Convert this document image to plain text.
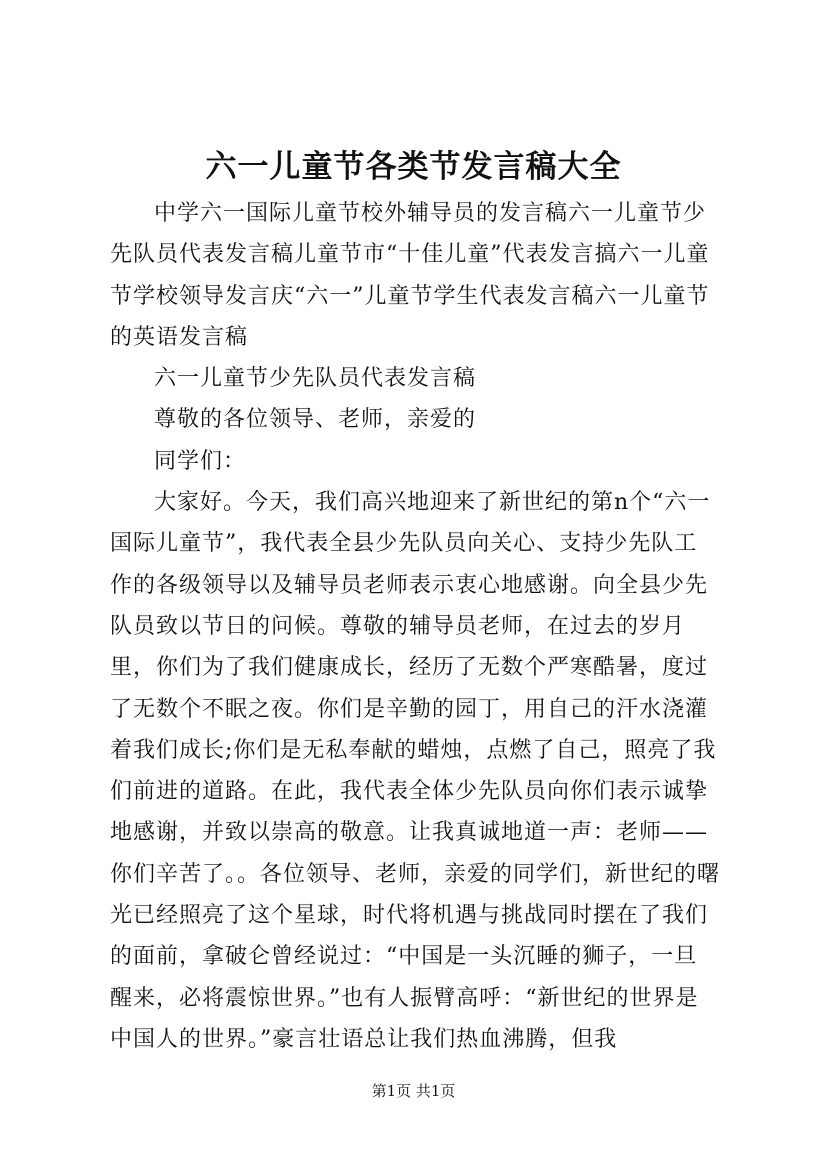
六一儿童节各类节发言稿大全

中学六一国际儿童节校外辅导员的发言稿六一儿童节少先队员代表发言稿儿童节市“十佳儿童”代表发言搞六一儿童节学校领导发言庆“六一”儿童节学生代表发言稿六一儿童节的英语发言稿

六一儿童节少先队员代表发言稿

尊敬的各位领导、老师，亲爱的

同学们：

大家好。今天，我们高兴地迎来了新世纪的第n个“六一国际儿童节”，我代表全县少先队员向关心、支持少先队工作的各级领导以及辅导员老师表示衷心地感谢。向全县少先队员致以节日的问候。尊敬的辅导员老师，在过去的岁月里，你们为了我们健康成长，经历了无数个严寒酷暑，度过了无数个不眠之夜。你们是辛勤的园丁，用自己的汗水浇灌着我们成长;你们是无私奉献的蜡烛，点燃了自己，照亮了我们前进的道路。在此，我代表全体少先队员向你们表示诚挚地感谢，并致以崇高的敬意。让我真诚地道一声：老师——你们辛苦了。。各位领导、老师，亲爱的同学们，新世纪的曙光已经照亮了这个星球，时代将机遇与挑战同时摆在了我们的面前，拿破仑曾经说过：“中国是一头沉睡的狮子，一旦醒来，必将震惊世界。”也有人振臂高呼：“新世纪的世界是中国人的世界。”豪言壮语总让我们热血沸腾，但我

第1页 共1页
